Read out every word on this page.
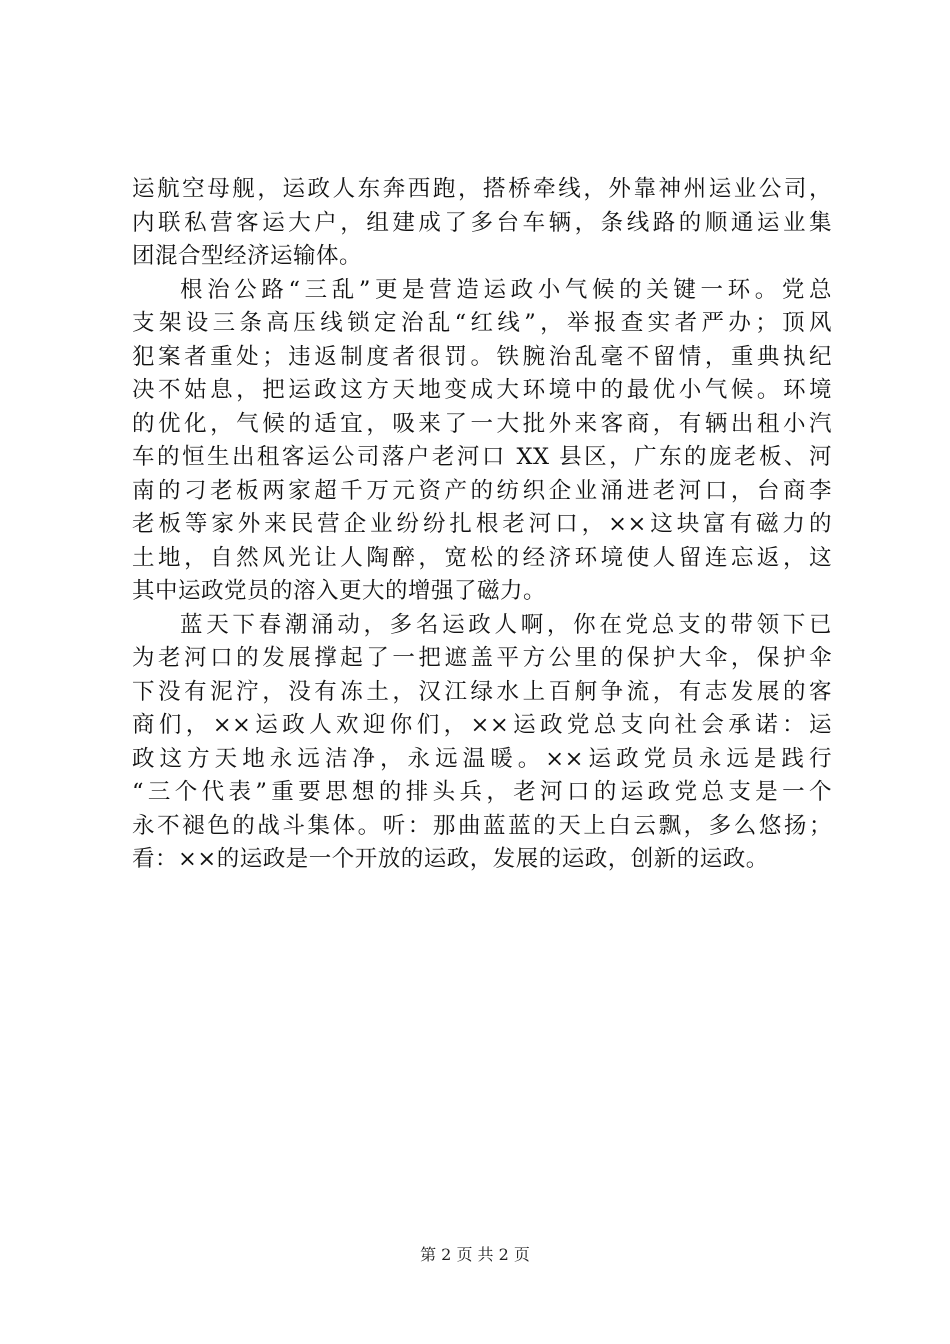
运航空母舰，运政人东奔西跑，搭桥牵线，外靠神州运业公司，
内联私营客运大户，组建成了多台车辆，条线路的顺通运业集
团混合型经济运输体。
根治公路“三乱”更是营造运政小气候的关键一环。党总
支架设三条高压线锁定治乱“红线”，举报查实者严办；顶风
犯案者重处；违返制度者很罚。铁腕治乱毫不留情，重典执纪
决不姑息，把运政这方天地变成大环境中的最优小气候。环境
的优化，气候的适宜，吸来了一大批外来客商，有辆出租小汽
车的恒生出租客运公司落户老河口 XX 县区，广东的庞老板、河
南的刁老板两家超千万元资产的纺织企业涌进老河口，台商李
老板等家外来民营企业纷纷扎根老河口，××这块富有磁力的
土地，自然风光让人陶醉，宽松的经济环境使人留连忘返，这
其中运政党员的溶入更大的增强了磁力。
蓝天下春潮涌动，多名运政人啊，你在党总支的带领下已
为老河口的发展撑起了一把遮盖平方公里的保护大伞，保护伞
下没有泥泞，没有冻土，汉江绿水上百舸争流，有志发展的客
商们，××运政人欢迎你们，××运政党总支向社会承诺：运
政这方天地永远洁净，永远温暖。××运政党员永远是践行
“三个代表”重要思想的排头兵，老河口的运政党总支是一个
永不褪色的战斗集体。听：那曲蓝蓝的天上白云飘，多么悠扬；
看：××的运政是一个开放的运政，发展的运政，创新的运政。
第 2 页 共 2 页
